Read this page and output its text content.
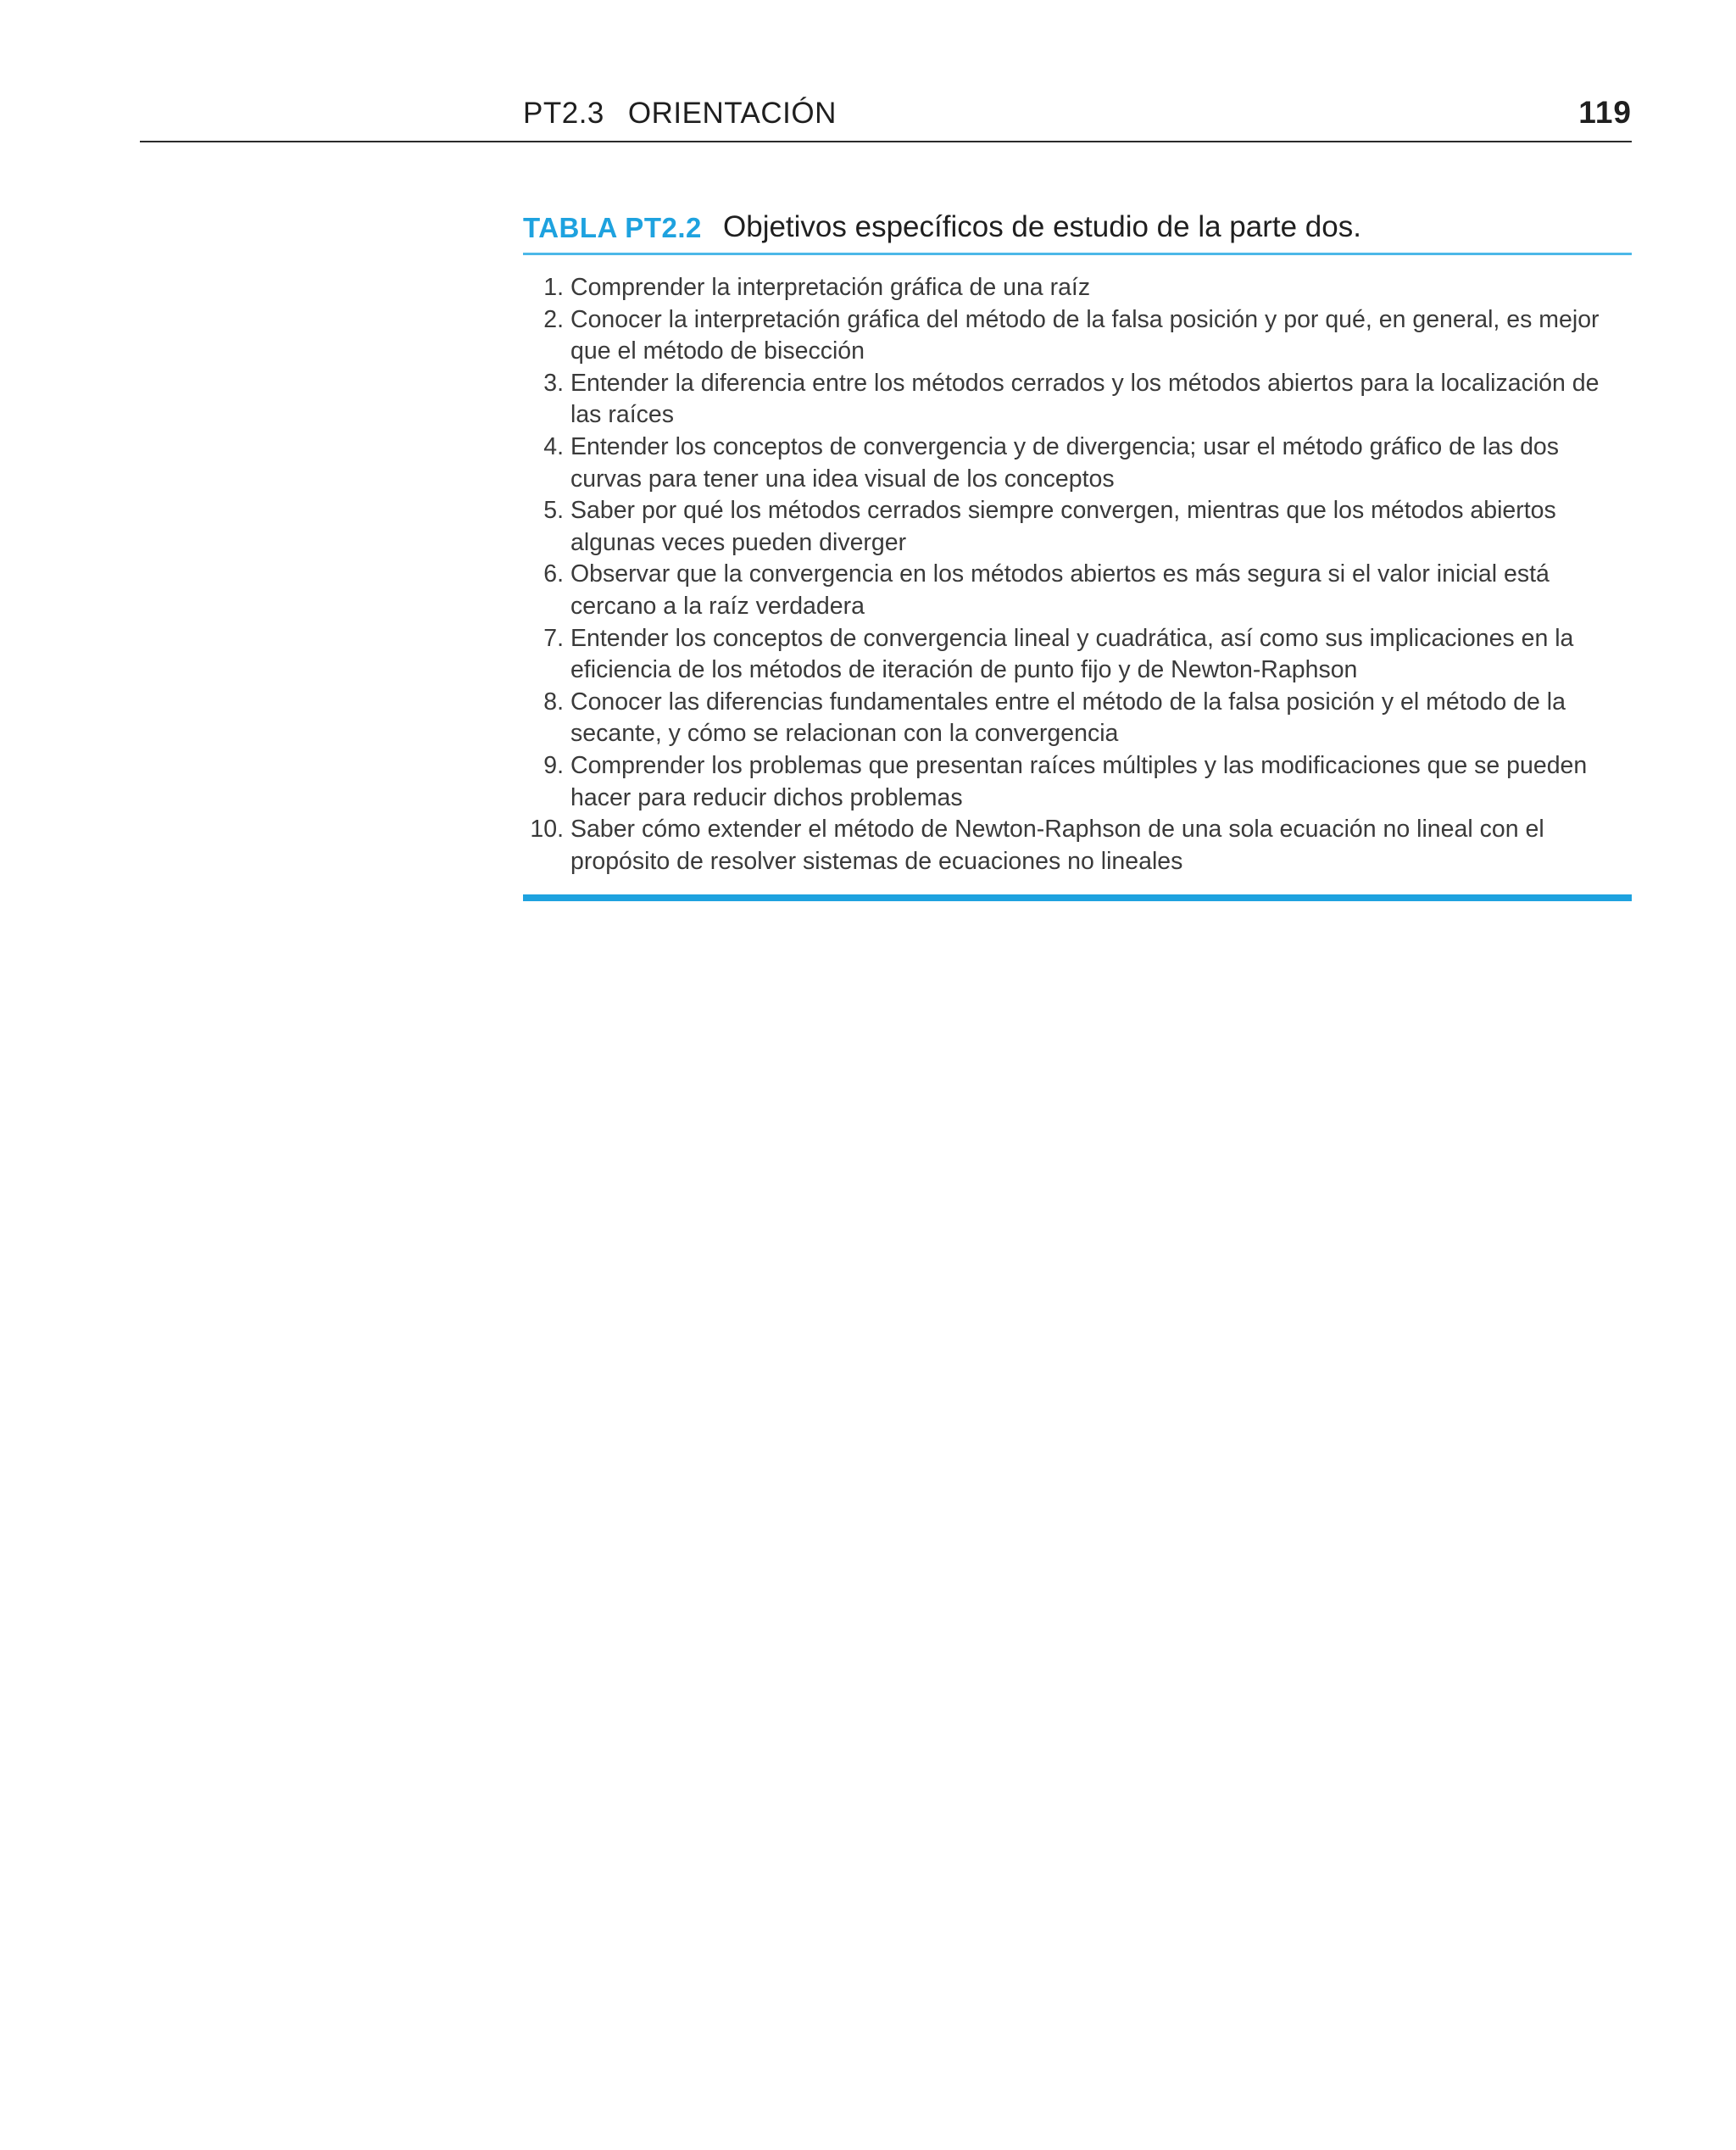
PT2.3 ORIENTACIÓN	119
TABLA PT2.2 Objetivos específicos de estudio de la parte dos.
1. Comprender la interpretación gráfica de una raíz
2. Conocer la interpretación gráfica del método de la falsa posición y por qué, en general, es mejor que el método de bisección
3. Entender la diferencia entre los métodos cerrados y los métodos abiertos para la localización de las raíces
4. Entender los conceptos de convergencia y de divergencia; usar el método gráfico de las dos curvas para tener una idea visual de los conceptos
5. Saber por qué los métodos cerrados siempre convergen, mientras que los métodos abiertos algunas veces pueden diverger
6. Observar que la convergencia en los métodos abiertos es más segura si el valor inicial está cercano a la raíz verdadera
7. Entender los conceptos de convergencia lineal y cuadrática, así como sus implicaciones en la eficiencia de los métodos de iteración de punto fijo y de Newton-Raphson
8. Conocer las diferencias fundamentales entre el método de la falsa posición y el método de la secante, y cómo se relacionan con la convergencia
9. Comprender los problemas que presentan raíces múltiples y las modificaciones que se pueden hacer para reducir dichos problemas
10. Saber cómo extender el método de Newton-Raphson de una sola ecuación no lineal con el propósito de resolver sistemas de ecuaciones no lineales
